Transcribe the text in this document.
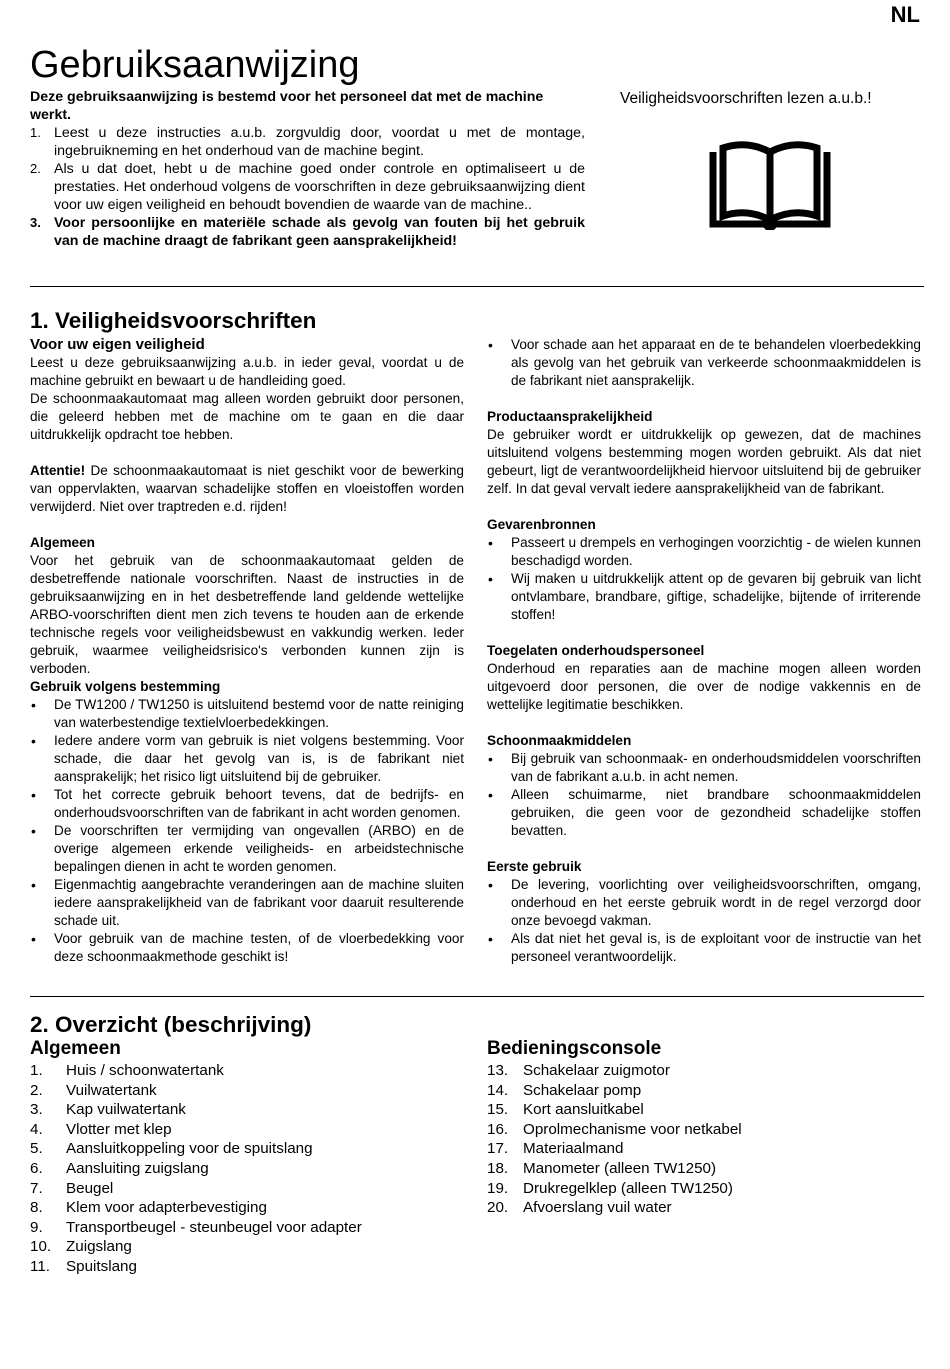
NL
Gebruiksaanwijzing
Deze gebruiksaanwijzing is bestemd voor het personeel dat met de machine werkt.
1. Leest u deze instructies a.u.b. zorgvuldig door, voordat u met de montage, ingebruikneming en het onderhoud van de machine begint.
2. Als u dat doet, hebt u de machine goed onder controle en optimaliseert u de prestaties. Het onderhoud volgens de voorschriften in deze gebruiksaanwijzing dient voor uw eigen veiligheid en behoudt bovendien de waarde van de machine..
3. Voor persoonlijke en materiële schade als gevolg van fouten bij het gebruik van de machine draagt de fabrikant geen aansprakelijkheid!
Veiligheidsvoorschriften lezen a.u.b.!
1. Veiligheidsvoorschriften

Voor uw eigen veiligheid

Leest u deze gebruiksaanwijzing a.u.b. in ieder geval, voordat u de machine gebruikt en bewaart u de handleiding goed.

De schoonmaakautomaat mag alleen worden gebruikt door personen, die geleerd hebben met de machine om te gaan en die daar uitdrukkelijk opdracht toe hebben.

Attentie! De schoonmaakautomaat is niet geschikt voor de bewerking van oppervlakten, waarvan schadelijke stoffen en vloeistoffen worden verwijderd. Niet over traptreden e.d. rijden!

Algemeen

Voor het gebruik van de schoonmaakautomaat gelden de desbetreffende nationale voorschriften. Naast de instructies in de gebruiksaanwijzing en in het desbetreffende land geldende wettelijke ARBO-voorschriften dient men zich tevens te houden aan de erkende technische regels voor veiligheidsbewust en vakkundig werken. Ieder gebruik, waarmee veiligheidsrisico's verbonden kunnen zijn is verboden.

Gebruik volgens bestemming

• De TW1200 / TW1250 is uitsluitend bestemd voor de natte reiniging van waterbestendige textielvloerbedekkingen.
• Iedere andere vorm van gebruik is niet volgens bestemming. Voor schade, die daar het gevolg van is, is de fabrikant niet aansprakelijk; het risico ligt uitsluitend bij de gebruiker.
• Tot het correcte gebruik behoort tevens, dat de bedrijfs- en onderhoudsvoorschriften van de fabrikant in acht worden genomen.
• De voorschriften ter vermijding van ongevallen (ARBO) en de overige algemeen erkende veiligheids- en arbeidstechnische bepalingen dienen in acht te worden genomen.
• Eigenmachtig aangebrachte veranderingen aan de machine sluiten iedere aansprakelijkheid van de fabrikant voor daaruit resulterende schade uit.
• Voor gebruik van de machine testen, of de vloerbedekking voor deze schoonmaakmethode geschikt is!
• Voor schade aan het apparaat en de te behandelen vloerbedekking als gevolg van het gebruik van verkeerde schoonmaakmiddelen is de fabrikant niet aansprakelijk.

Productaansprakelijkheid

De gebruiker wordt er uitdrukkelijk op gewezen, dat de machines uitsluitend volgens bestemming mogen worden gebruikt. Als dat niet gebeurt, ligt de verantwoordelijkheid hiervoor uitsluitend bij de gebruiker zelf. In dat geval vervalt iedere aansprakelijkheid van de fabrikant.

Gevarenbronnen

• Passeert u drempels en verhogingen voorzichtig - de wielen kunnen beschadigd worden.
• Wij maken u uitdrukkelijk attent op de gevaren bij gebruik van licht ontvlambare, brandbare, giftige, schadelijke, bijtende of irriterende stoffen!

Toegelaten onderhoudspersoneel

Onderhoud en reparaties aan de machine mogen alleen worden uitgevoerd door personen, die over de nodige vakkennis en de wettelijke legitimatie beschikken.

Schoonmaakmiddelen

• Bij gebruik van schoonmaak- en onderhoudsmiddelen voorschriften van de fabrikant a.u.b. in acht nemen.
• Alleen schuimarme, niet brandbare schoonmaakmiddelen gebruiken, die geen voor de gezondheid schadelijke stoffen bevatten.

Eerste gebruik

• De levering, voorlichting over veiligheidsvoorschriften, omgang, onderhoud en het eerste gebruik wordt in de regel verzorgd door onze bevoegd vakman.
• Als dat niet het geval is, is de exploitant voor de instructie van het personeel verantwoordelijk.
2. Overzicht (beschrijving)
Algemeen
1. Huis / schoonwatertank
2. Vuilwatertank
3. Kap vuilwatertank
4. Vlotter met klep
5. Aansluitkoppeling voor de spuitslang
6. Aansluiting zuigslang
7. Beugel
8. Klem voor adapterbevestiging
9. Transportbeugel - steunbeugel voor adapter
10. Zuigslang
11. Spuitslang
Bedieningsconsole
13. Schakelaar zuigmotor
14. Schakelaar pomp
15. Kort aansluitkabel
16. Oprolmechanisme voor netkabel
17. Materiaalmand
18. Manometer (alleen TW1250)
19. Drukregelklep (alleen TW1250)
20. Afvoerslang vuil water
